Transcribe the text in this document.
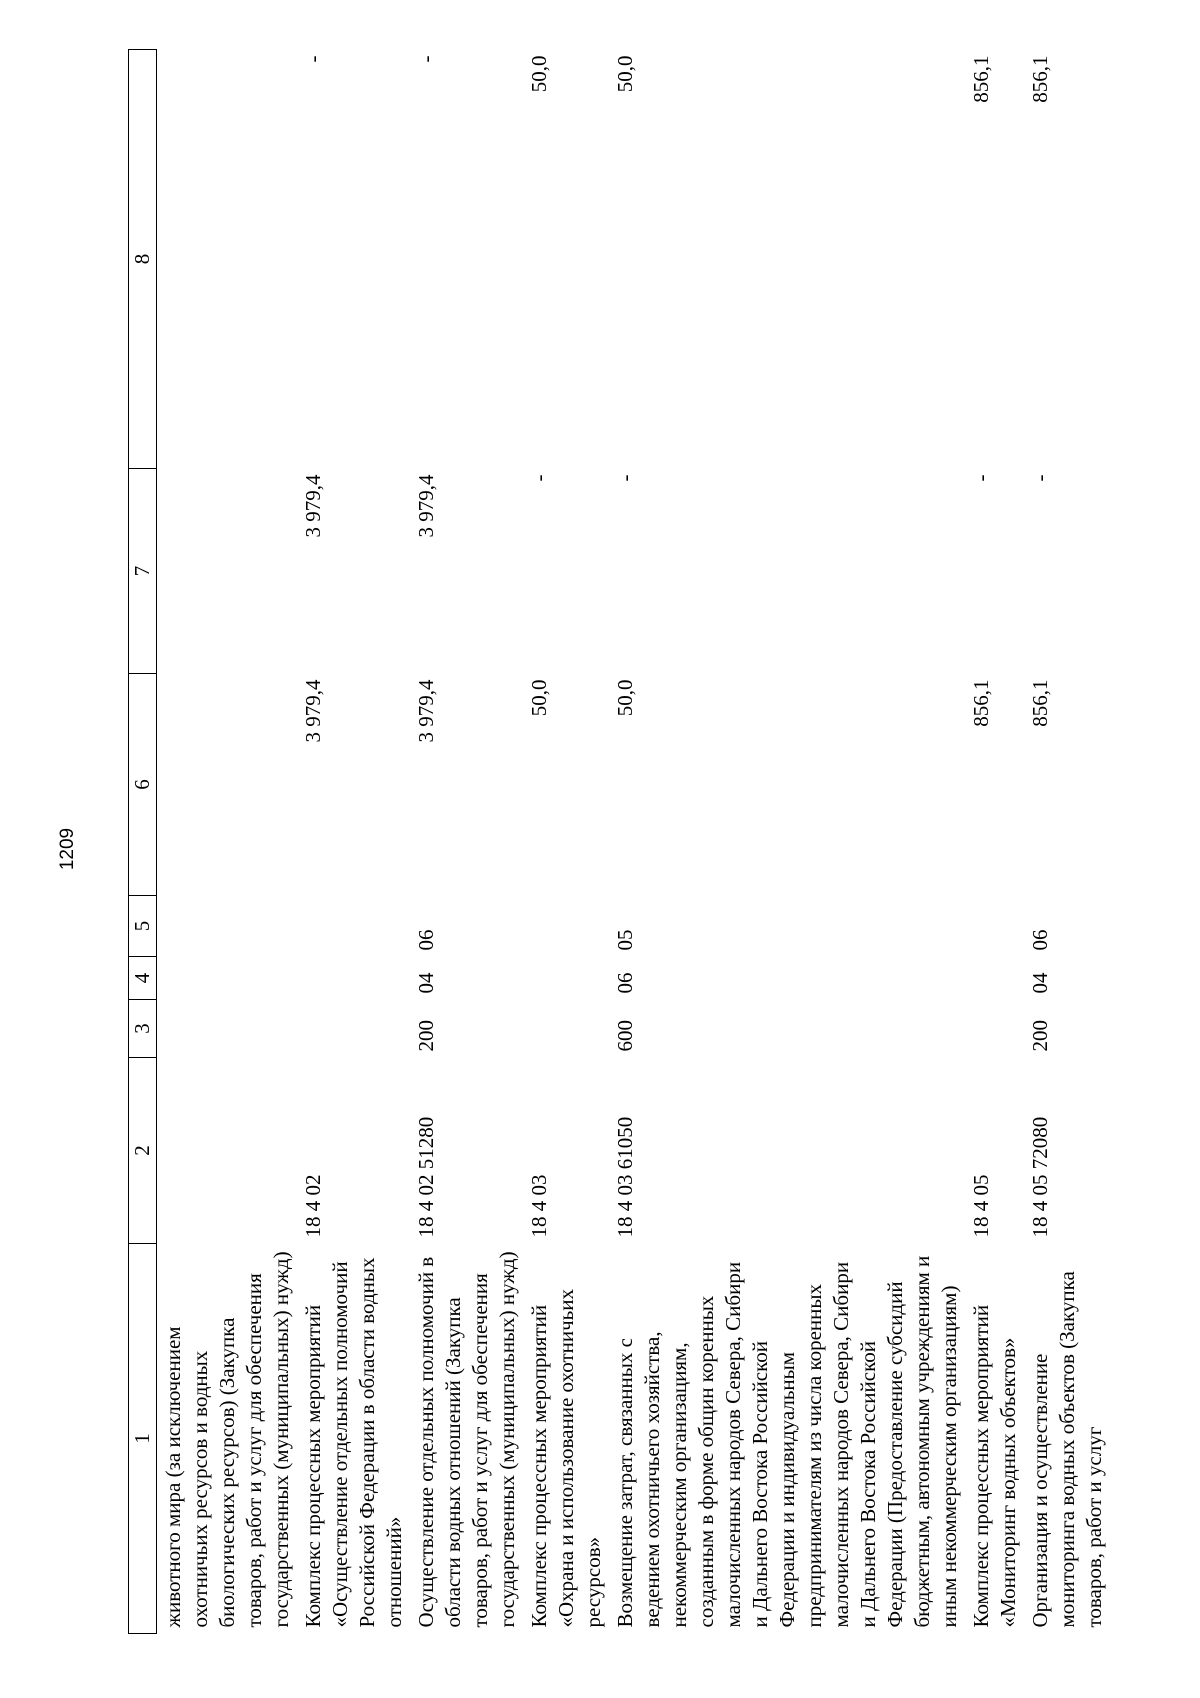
1209
1	2	3	4	5	6	7	8
животного мира (за исключением охотничьих ресурсов и водных биологических ресурсов) (Закупка товаров, работ и услуг для обеспечения государственных (муниципальных) нужд)							
Комплекс процессных мероприятий «Осуществление отдельных полномочий Российской Федерации в области водных отношений»	18 4 02				3 979,4	3 979,4	-
Осуществление отдельных полномочий в области водных отношений (Закупка товаров, работ и услуг для обеспечения государственных (муниципальных) нужд)	18 4 02 51280	200	04	06	3 979,4	3 979,4	-
Комплекс процессных мероприятий «Охрана и использование охотничьих ресурсов»	18 4 03				50,0	-	50,0
Возмещение затрат, связанных с ведением охотничьего хозяйства, некоммерческим организациям, созданным в форме общин коренных малочисленных народов Севера, Сибири и Дальнего Востока Российской Федерации и индивидуальным предпринимателям из числа коренных малочисленных народов Севера, Сибири и Дальнего Востока Российской Федерации (Предоставление субсидий бюджетным, автономным учреждениям и иным некоммерческим организациям)	18 4 03 61050	600	06	05	50,0	-	50,0
Комплекс процессных мероприятий «Мониторинг водных объектов»	18 4 05				856,1	-	856,1
Организация и осуществление мониторинга водных объектов (Закупка товаров, работ и услуг	18 4 05 72080	200	04	06	856,1	-	856,1
